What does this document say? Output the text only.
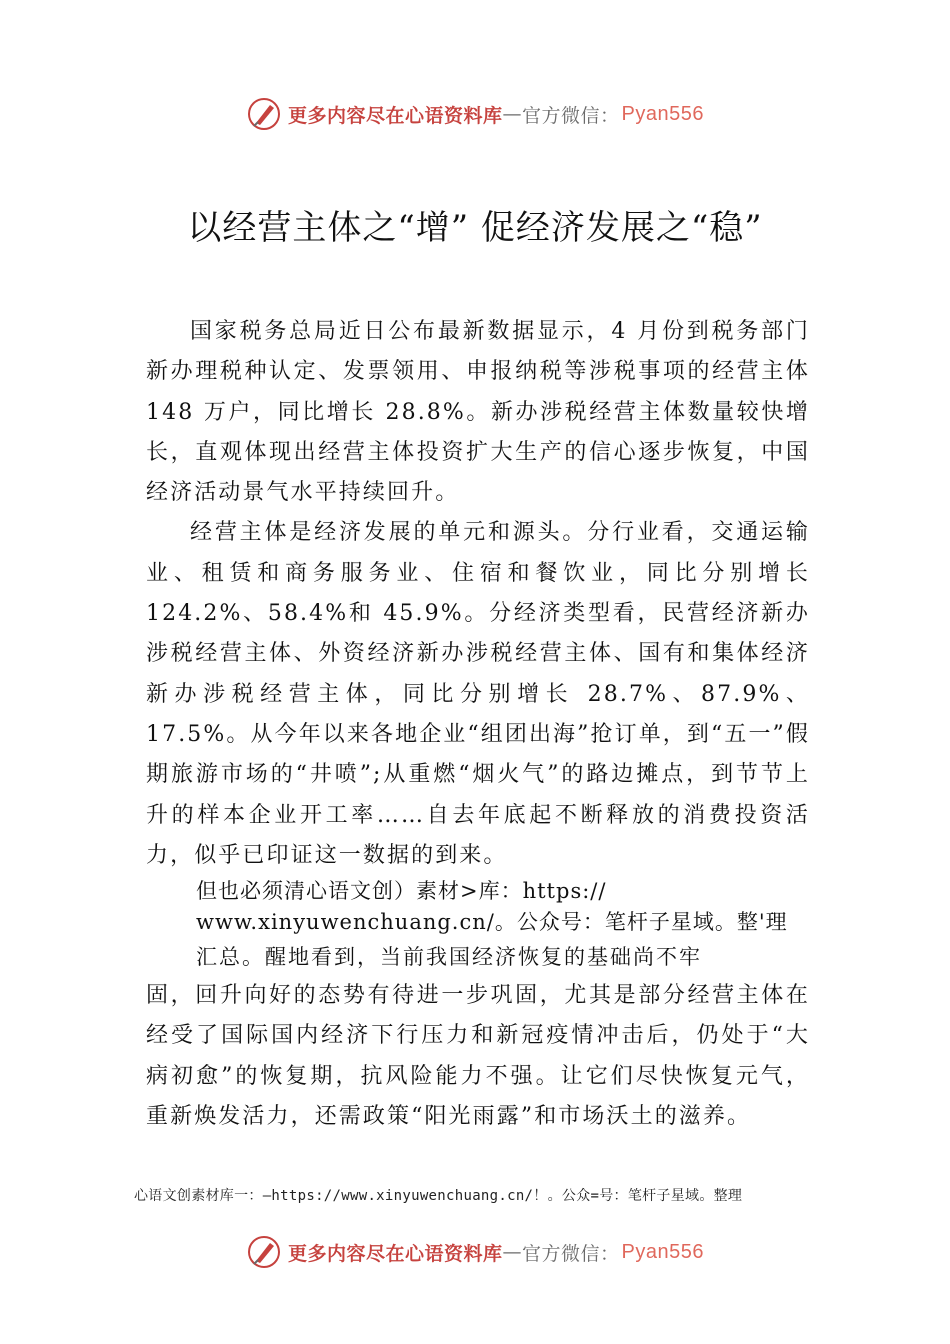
更多内容尽在心语资料库 — 官方微信： Pyan556
以经营主体之“增” 促经济发展之“稳”

国家税务总局近日公布最新数据显示，4 月份到税务部门新办理税种认定、发票领用、申报纳税等涉税事项的经营主体 148 万户，同比增长 28.8%。新办涉税经营主体数量较快增长，直观体现出经营主体投资扩大生产的信心逐步恢复，中国经济活动景气水平持续回升。

经营主体是经济发展的单元和源头。分行业看，交通运输业、租赁和商务服务业、住宿和餐饮业，同比分别增长124.2%、58.4%和 45.9%。分经济类型看，民营经济新办涉税经营主体、外资经济新办涉税经营主体、国有和集体经济新办涉税经营主体，同比分别增长 28.7%、87.9%、17.5%。从今年以来各地企业“组团出海”抢订单，到“五一”假期旅游市场的“井喷”;从重燃“烟火气”的路边摊点，到节节上升的样本企业开工率……自去年底起不断释放的消费投资活力，似乎已印证这一数据的到来。

但也必须清心语文创）素材>库：https://
www.xinyuwenchuang.cn/。公众号：笔杆子星域。整'理
汇总。醒地看到，当前我国经济恢复的基础尚不牢

固，回升向好的态势有待进一步巩固，尤其是部分经营主体在经受了国际国内经济下行压力和新冠疫情冲击后，仍处于“大病初愈”的恢复期，抗风险能力不强。让它们尽快恢复元气，重新焕发活力，还需政策“阳光雨露”和市场沃土的滋养。

心语文创素材库一：—https://www.xinyuwenchuang.cn/！。公众=号：笔杆子星域。整理
更多内容尽在心语资料库 — 官方微信： Pyan556
